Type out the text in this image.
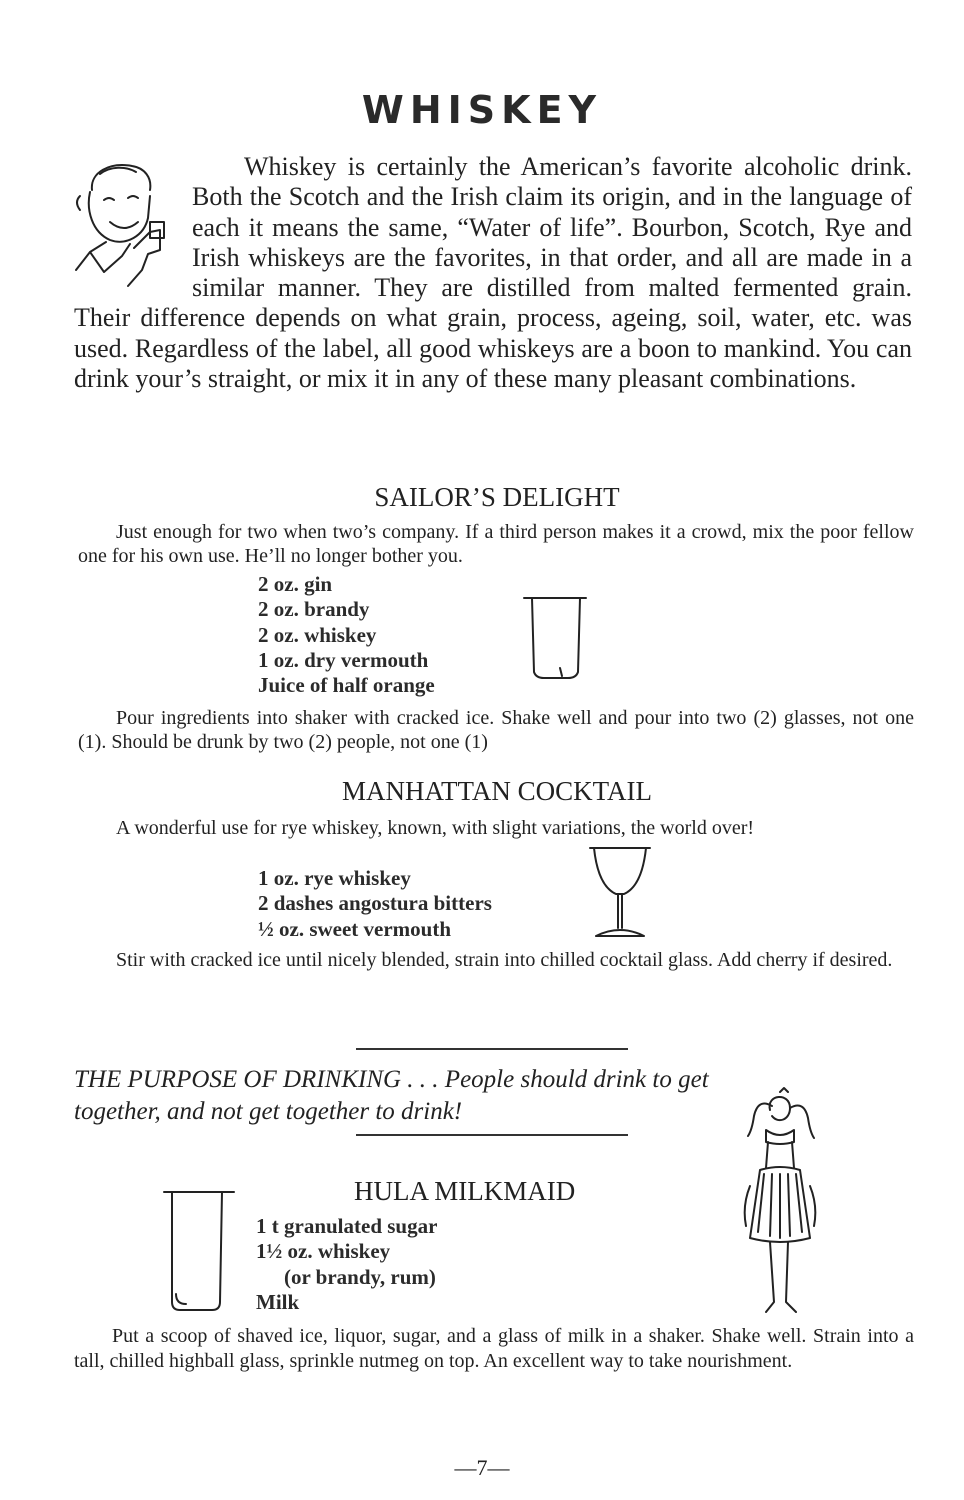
WHISKEY

Whiskey is certainly the American’s favorite alcoholic drink. Both the Scotch and the Irish claim its origin, and in the language of each it means the same, “Water of life”. Bourbon, Scotch, Rye and Irish whiskeys are the favorites, in that order, and all are made in a similar manner. They are distilled from malted fermented grain. Their difference depends on what grain, process, ageing, soil, water, etc. was used. Regardless of the label, all good whiskeys are a boon to mankind. You can drink your’s straight, or mix it in any of these many pleasant combinations.

SAILOR’S DELIGHT
Just enough for two when two’s company. If a third person makes it a crowd, mix the poor fellow one for his own use. He’ll no longer bother you.
2 oz. gin
2 oz. brandy
2 oz. whiskey
1 oz. dry vermouth
Juice of half orange
Pour ingredients into shaker with cracked ice. Shake well and pour into two (2) glasses, not one (1). Should be drunk by two (2) people, not one (1)
MANHATTAN COCKTAIL
A wonderful use for rye whiskey, known, with slight variations, the world over!
1 oz. rye whiskey
2 dashes angostura bitters
½ oz. sweet vermouth
Stir with cracked ice until nicely blended, strain into chilled cocktail glass. Add cherry if desired.
THE PURPOSE OF DRINKING . . . People should drink to get together, and not get together to drink!
HULA MILKMAID
1 t granulated sugar
1½ oz. whiskey
(or brandy, rum)
Milk
Put a scoop of shaved ice, liquor, sugar, and a glass of milk in a shaker. Shake well. Strain into a tall, chilled highball glass, sprinkle nutmeg on top. An excellent way to take nourishment.
—7—
